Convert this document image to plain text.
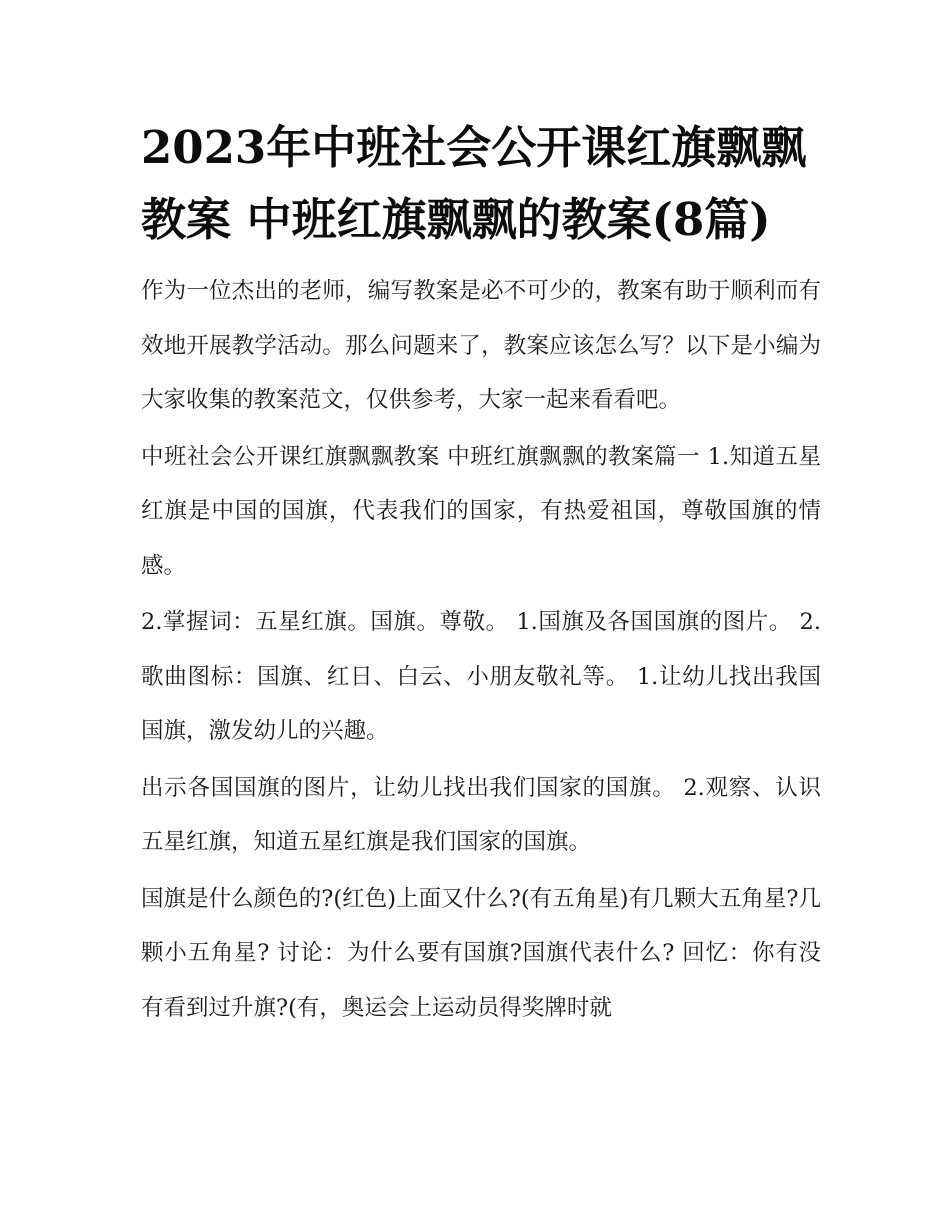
2023年中班社会公开课红旗飘飘教案 中班红旗飘飘的教案(8篇)

作为一位杰出的老师，编写教案是必不可少的，教案有助于顺利而有效地开展教学活动。那么问题来了，教案应该怎么写？以下是小编为大家收集的教案范文，仅供参考，大家一起来看看吧。

中班社会公开课红旗飘飘教案 中班红旗飘飘的教案篇一 1.知道五星红旗是中国的国旗，代表我们的国家，有热爱祖国，尊敬国旗的情感。

2.掌握词：五星红旗。国旗。尊敬。 1.国旗及各国国旗的图片。 2.歌曲图标：国旗、红日、白云、小朋友敬礼等。 1.让幼儿找出我国国旗，激发幼儿的兴趣。

出示各国国旗的图片，让幼儿找出我们国家的国旗。 2.观察、认识五星红旗，知道五星红旗是我们国家的国旗。

国旗是什么颜色的?(红色)上面又什么?(有五角星)有几颗大五角星?几颗小五角星? 讨论：为什么要有国旗?国旗代表什么? 回忆：你有没有看到过升旗?(有，奥运会上运动员得奖牌时就
